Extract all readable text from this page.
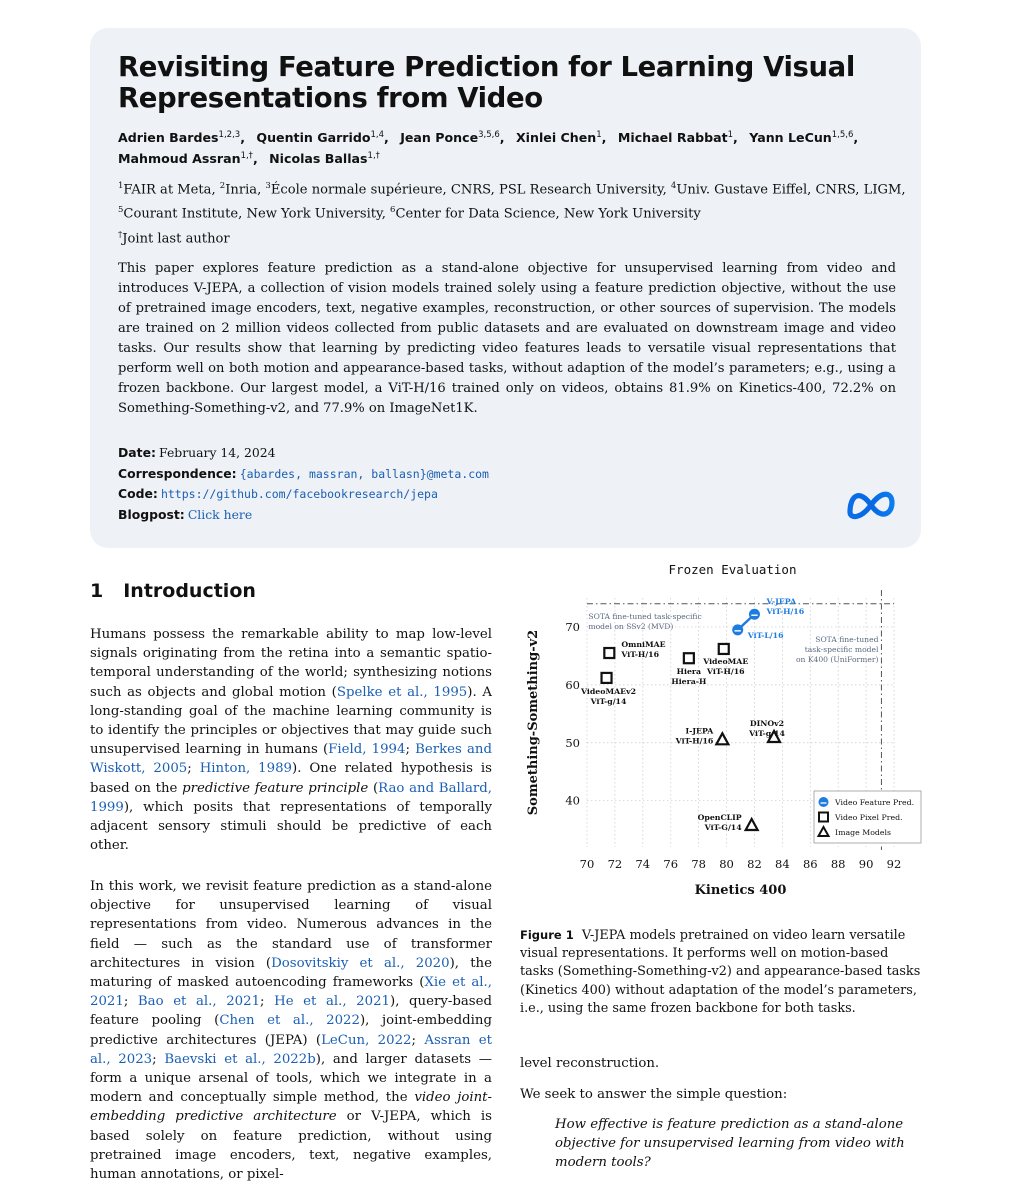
Revisiting Feature Prediction for Learning Visual Representations from Video
Adrien Bardes$^{1,2,3}$, Quentin Garrido$^{1,4}$, Jean Ponce$^{3,5,6}$, Xinlei Chen$^1$, Michael Rabbat$^1$, Yann LeCun$^{1,5,6}$,
Mahmoud Assran$^{1,\dagger}$, Nicolas Ballas$^{1,\dagger}$
$^1$FAIR at Meta, $^2$Inria, $^3$École normale supérieure, CNRS, PSL Research University, $^4$Univ. Gustave Eiffel, CNRS, LIGM, $^5$Courant Institute, New York University, $^6$Center for Data Science, New York University
†Joint last author

This paper explores feature prediction as a stand-alone objective for unsupervised learning from video and introduces V-JEPA, a collection of vision models trained solely using a feature prediction objective, without the use of pretrained image encoders, text, negative examples, reconstruction, or other sources of supervision. The models are trained on 2 million videos collected from public datasets and are evaluated on downstream image and video tasks. Our results show that learning by predicting video features leads to versatile visual representations that perform well on both motion and appearance-based tasks, without adaption of the model’s parameters; e.g., using a frozen backbone. Our largest model, a ViT-H/16 trained only on videos, obtains 81.9% on Kinetics-400, 72.2% on Something-Something-v2, and 77.9% on ImageNet1K.

Date: February 14, 2024
Correspondence: {abardes, massran, ballasn}@meta.com
Code: https://github.com/facebookresearch/jepa
Blogpost: Click here
1 Introduction

Humans possess the remarkable ability to map low-level signals originating from the retina into a semantic spatio-temporal understanding of the world; synthesizing notions such as objects and global motion (Spelke et al., 1995). A long-standing goal of the machine learning community is to identify the principles or objectives that may guide such unsupervised learning in humans (Field, 1994; Berkes and Wiskott, 2005; Hinton, 1989). One related hypothesis is based on the predictive feature principle (Rao and Ballard, 1999), which posits that representations of temporally adjacent sensory stimuli should be predictive of each other.

In this work, we revisit feature prediction as a stand-alone objective for unsupervised learning of visual representations from video. Numerous advances in the field — such as the standard use of transformer architectures in vision (Dosovitskiy et al., 2020), the maturing of masked autoencoding frameworks (Xie et al., 2021; Bao et al., 2021; He et al., 2021), query-based feature pooling (Chen et al., 2022), joint-embedding predictive architectures (JEPA) (LeCun, 2022; Assran et al., 2023; Baevski et al., 2022b), and larger datasets — form a unique arsenal of tools, which we integrate in a modern and conceptually simple method, the video joint-embedding predictive architecture or V-JEPA, which is based solely on feature prediction, without using pretrained image encoders, text, negative examples, human annotations, or pixel-

Frozen Evaluation
70 72 74 76 78 80 82 84 86 88 90 92
40
50
60
70
Kinetics 400
Something-Something-v2
SOTA fine-tuned task-specific
model on SSv2 (MVD)
SOTA fine-tuned
task-specific model
on K400 (UniFormer)
ViT-L/16
V-JEPA
ViT-H/16
VideoMAEv2
ViT-g/14
OmniMAE
ViT-H/16
Hiera
Hiera-H
VideoMAE
ViT-H/16
I-JEPA
ViT-H/16
DINOv2
ViT-g/14
OpenCLIP
ViT-G/14
Video Feature Pred.
Video Pixel Pred.
Image Models

Figure 1 V-JEPA models pretrained on video learn versatile visual representations. It performs well on motion-based tasks (Something-Something-v2) and appearance-based tasks (Kinetics 400) without adaptation of the model’s parameters, i.e., using the same frozen backbone for both tasks.

level reconstruction.

We seek to answer the simple question:

How effective is feature prediction as a stand-alone objective for unsupervised learning from video with modern tools?
